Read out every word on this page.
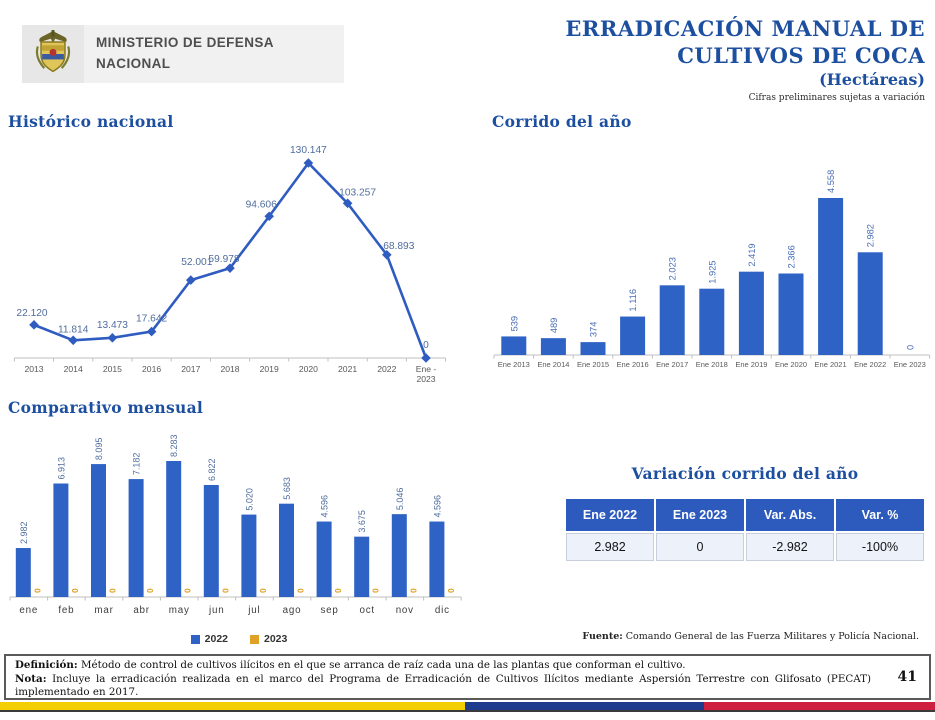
MINISTERIO DE DEFENSA
NACIONAL
ERRADICACIÓN MANUAL DE
CULTIVOS DE COCA
(Hectáreas)
Cifras preliminares sujetas a variación
Histórico nacional
22.120
2013
11.814
2014
13.473
2015
17.642
2016
52.001
2017
59.978
2018
94.606
2019
130.147
2020
103.257
2021
68.893
2022
0
Ene -2023
Corrido del año
539
Ene 2013
489
Ene 2014
374
Ene 2015
1.116
Ene 2016
2.023
Ene 2017
1.925
Ene 2018
2.419
Ene 2019
2.366
Ene 2020
4.558
Ene 2021
2.982
Ene 2022
0
Ene 2023
Comparativo mensual
2.982
0
ene
6.913
0
feb
8.095
0
mar
7.182
0
abr
8.283
0
may
6.822
0
jun
5.020
0
jul
5.683
0
ago
4.596
0
sep
3.675
0
oct
5.046
0
nov
4.596
0
dic
2022	2023
Variación corrido del año
Ene 2022	Ene 2023	Var. Abs.	Var. %
2.982	0	-2.982	-100%
Fuente: Comando General de las Fuerza Militares y Policía Nacional.
Definición: Método de control de cultivos ilícitos en el que se arranca de raíz cada una de las plantas que conforman el cultivo.
Nota: Incluye la erradicación realizada en el marco del Programa de Erradicación de Cultivos Ilícitos mediante Aspersión Terrestre con Glifosato (PECAT) implementado en 2017.
41
